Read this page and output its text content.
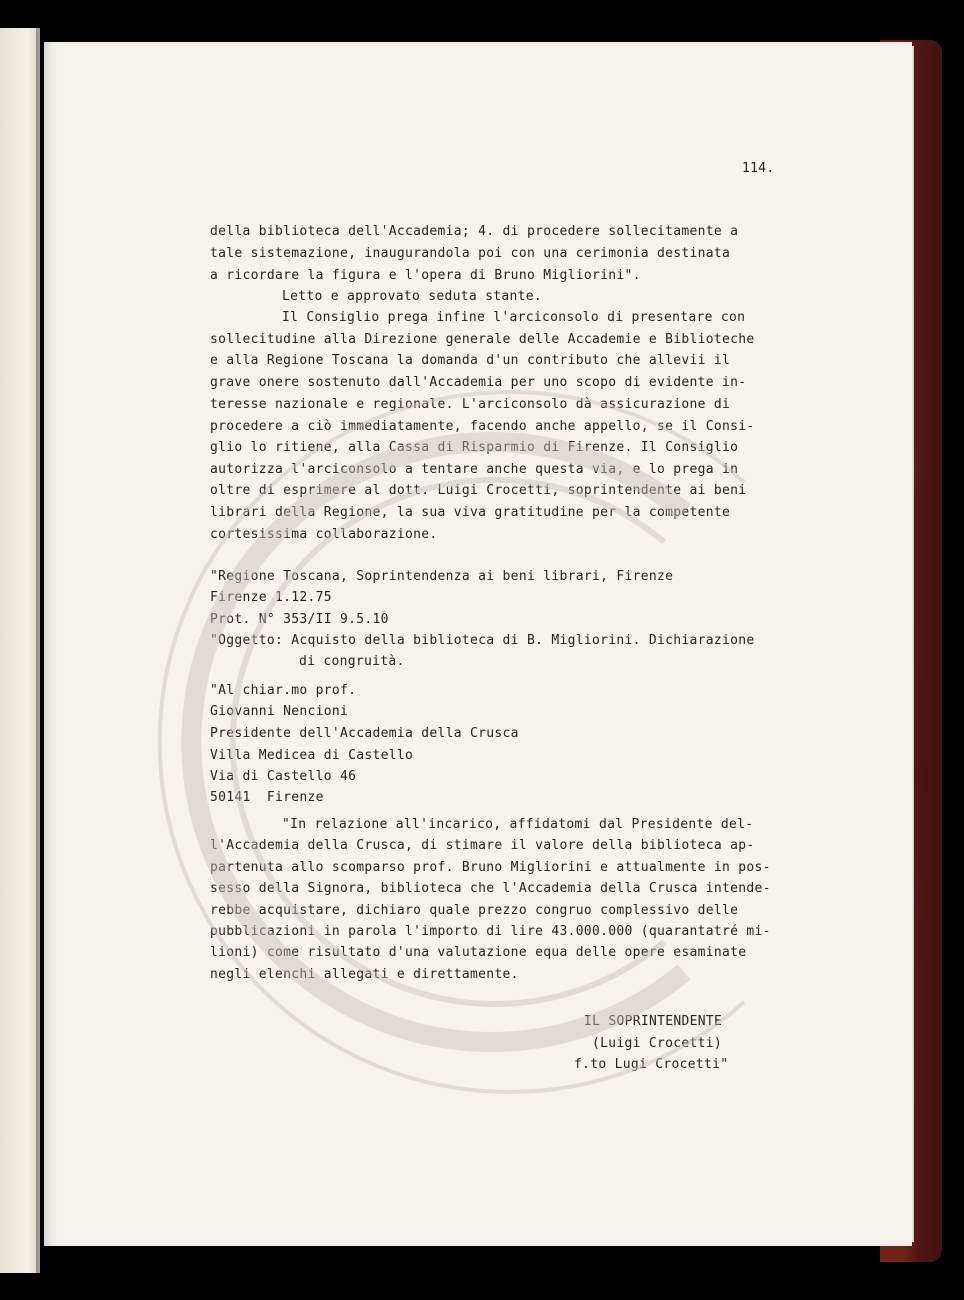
114.

della biblioteca dell'Accademia; 4. di procedere sollecitamente a

tale sistemazione, inaugurandola poi con una cerimonia destinata

a ricordare la figura e l'opera di Bruno Migliorini".

Letto e approvato seduta stante.

Il Consiglio prega infine l'arciconsolo di presentare con

sollecitudine alla Direzione generale delle Accademie e Biblioteche

e alla Regione Toscana la domanda d'un contributo che allevii il

grave onere sostenuto dall'Accademia per uno scopo di evidente in-

teresse nazionale e regionale. L'arciconsolo dà assicurazione di

procedere a ciò immediatamente, facendo anche appello, se il Consi-

glio lo ritiene, alla Cassa di Risparmio di Firenze. Il Consiglio

autorizza l'arciconsolo a tentare anche questa via, e lo prega in

oltre di esprimere al dott. Luigi Crocetti, soprintendente ai beni

librari della Regione, la sua viva gratitudine per la competente

cortesissima collaborazione.

"Regione Toscana, Soprintendenza ai beni librari, Firenze

Firenze 1.12.75

Prot. N° 353/II 9.5.10

"Oggetto: Acquisto della biblioteca di B. Migliorini. Dichiarazione

di congruità.

"Al chiar.mo prof.

Giovanni Nencioni

Presidente dell'Accademia della Crusca

Villa Medicea di Castello

Via di Castello 46

50141  Firenze

"In relazione all'incarico, affidatomi dal Presidente del-

l'Accademia della Crusca, di stimare il valore della biblioteca ap-

partenuta allo scomparso prof. Bruno Migliorini e attualmente in pos-

sesso della Signora, biblioteca che l'Accademia della Crusca intende-

rebbe acquistare, dichiaro quale prezzo congruo complessivo delle

pubblicazioni in parola l'importo di lire 43.000.000 (quarantatré mi-

lioni) come risultato d'una valutazione equa delle opere esaminate

negli elenchi allegati e direttamente.

IL SOPRINTENDENTE

(Luigi Crocetti)

f.to Lugi Crocetti"
